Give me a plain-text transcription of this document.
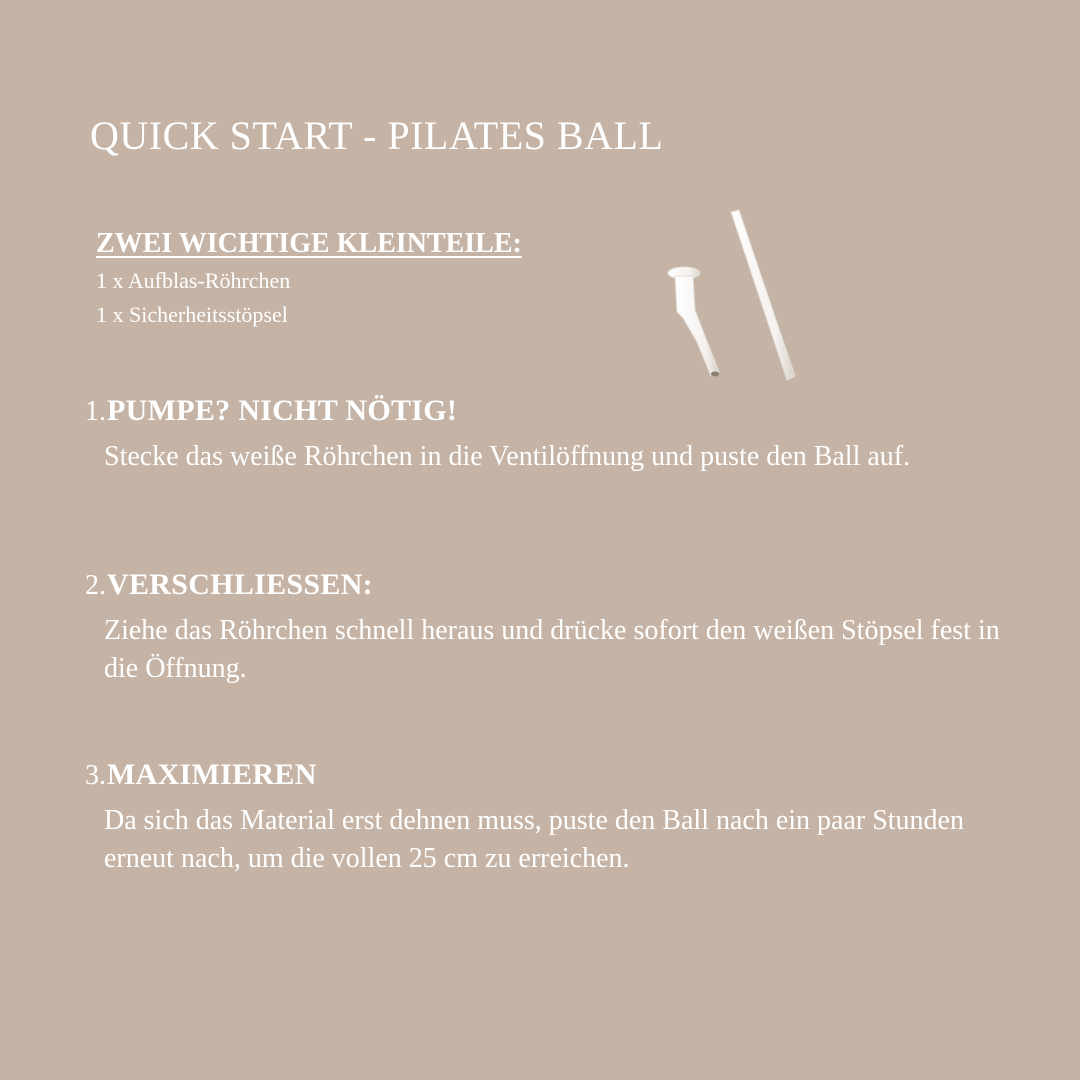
QUICK START - PILATES BALL
ZWEI WICHTIGE KLEINTEILE:
1 x Aufblas-Röhrchen
1 x Sicherheitsstöpsel
1. PUMPE? NICHT NÖTIG!
Stecke das weiße Röhrchen in die Ventilöffnung und puste den Ball auf.
2. VERSCHLIESSEN:
Ziehe das Röhrchen schnell heraus und drücke sofort den weißen Stöpsel fest in die Öffnung.
3. MAXIMIEREN
Da sich das Material erst dehnen muss, puste den Ball nach ein paar Stunden erneut nach, um die vollen 25 cm zu erreichen.
